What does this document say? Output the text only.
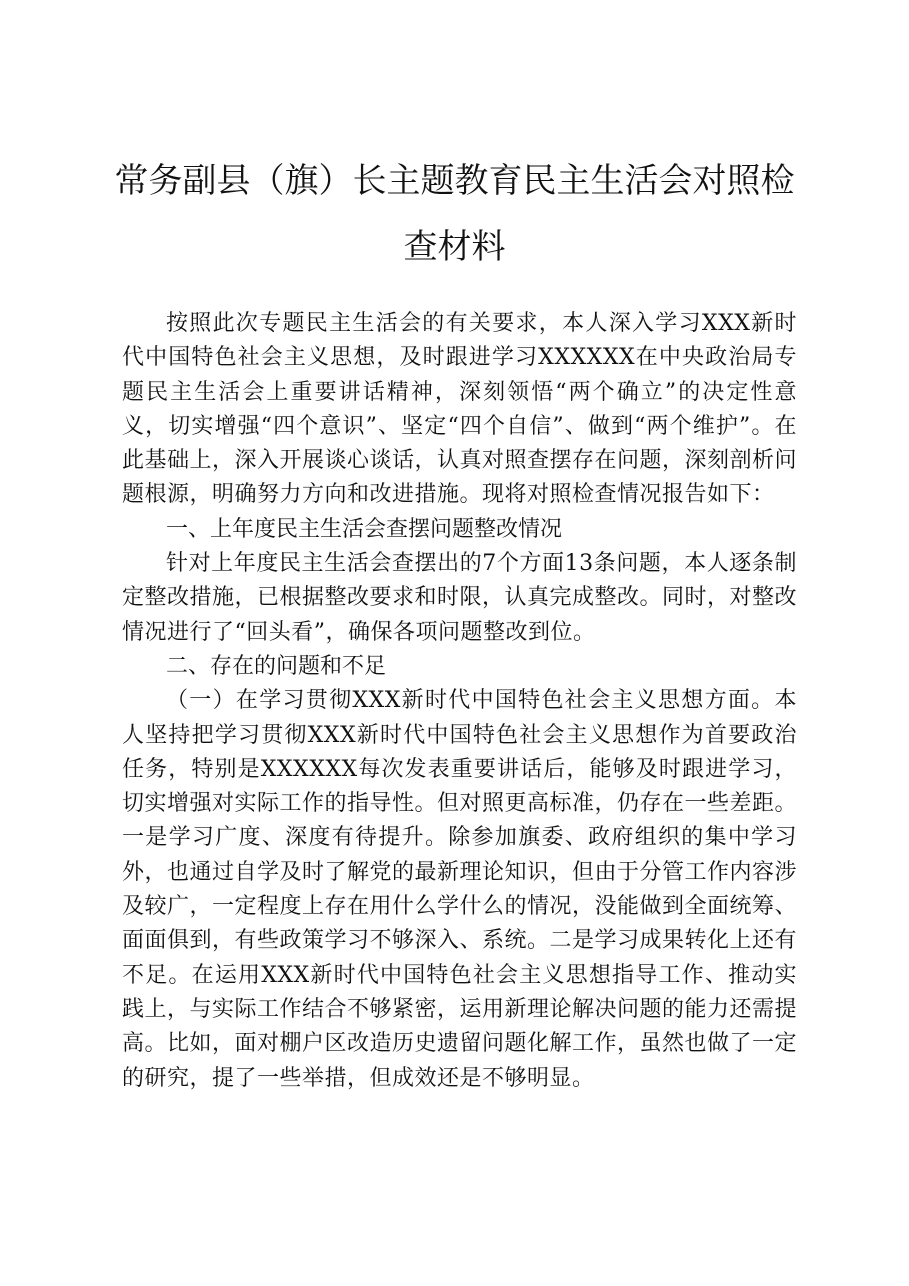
常务副县（旗）长主题教育民主生活会对照检
查材料

按照此次专题民主生活会的有关要求，本人深入学习XXX新时代中国特色社会主义思想，及时跟进学习XXXXXX在中央政治局专题民主生活会上重要讲话精神，深刻领悟“两个确立”的决定性意义，切实增强“四个意识”、坚定“四个自信”、做到“两个维护”。在此基础上，深入开展谈心谈话，认真对照查摆存在问题，深刻剖析问题根源，明确努力方向和改进措施。现将对照检查情况报告如下：

一、上年度民主生活会查摆问题整改情况

针对上年度民主生活会查摆出的7个方面13条问题，本人逐条制定整改措施，已根据整改要求和时限，认真完成整改。同时，对整改情况进行了“回头看”，确保各项问题整改到位。

二、存在的问题和不足

（一）在学习贯彻XXX新时代中国特色社会主义思想方面。本人坚持把学习贯彻XXX新时代中国特色社会主义思想作为首要政治任务，特别是XXXXXX每次发表重要讲话后，能够及时跟进学习，切实增强对实际工作的指导性。但对照更高标准，仍存在一些差距。一是学习广度、深度有待提升。除参加旗委、政府组织的集中学习外，也通过自学及时了解党的最新理论知识，但由于分管工作内容涉及较广，一定程度上存在用什么学什么的情况，没能做到全面统筹、面面俱到，有些政策学习不够深入、系统。二是学习成果转化上还有不足。在运用XXX新时代中国特色社会主义思想指导工作、推动实践上，与实际工作结合不够紧密，运用新理论解决问题的能力还需提高。比如，面对棚户区改造历史遗留问题化解工作，虽然也做了一定的研究，提了一些举措，但成效还是不够明显。
